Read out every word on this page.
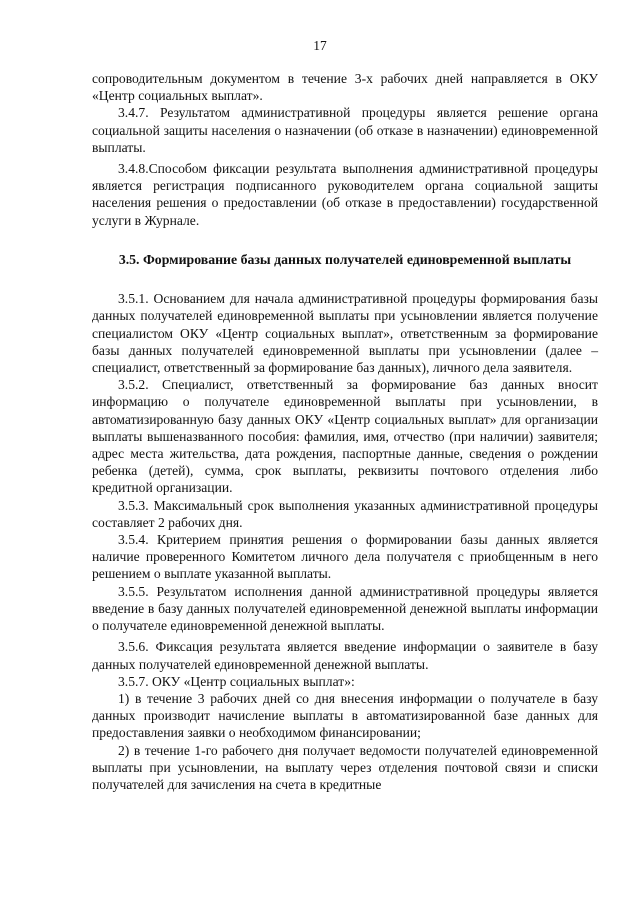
17

сопроводительным документом в течение 3-х рабочих дней направляется в ОКУ «Центр социальных выплат».

3.4.7. Результатом административной процедуры является решение органа социальной защиты населения о назначении (об отказе в назначении) единовременной выплаты.

3.4.8.Способом фиксации результата выполнения административной процедуры является регистрация подписанного руководителем органа социальной защиты населения решения о предоставлении (об отказе в предоставлении) государственной услуги в Журнале.

3.5. Формирование базы данных получателей единовременной выплаты

3.5.1. Основанием для начала административной процедуры формирования базы данных получателей единовременной выплаты при усыновлении является получение специалистом ОКУ «Центр социальных выплат», ответственным за формирование базы данных получателей единовременной выплаты при усыновлении (далее – специалист, ответственный за формирование баз данных), личного дела заявителя.

3.5.2. Специалист, ответственный за формирование баз данных вносит информацию о получателе единовременной выплаты при усыновлении, в автоматизированную базу данных ОКУ «Центр социальных выплат» для организации выплаты вышеназванного пособия: фамилия, имя, отчество (при наличии) заявителя; адрес места жительства, дата рождения, паспортные данные, сведения о рождении ребенка (детей), сумма, срок выплаты, реквизиты почтового отделения либо кредитной организации.

3.5.3. Максимальный срок выполнения указанных административной процедуры составляет 2 рабочих дня.

3.5.4. Критерием принятия решения о формировании базы данных является наличие проверенного Комитетом личного дела получателя с приобщенным в него решением о выплате указанной выплаты.

3.5.5. Результатом исполнения данной административной процедуры является введение в базу данных получателей единовременной денежной выплаты информации о получателе единовременной денежной выплаты.

3.5.6. Фиксация результата является введение информации о заявителе в базу данных получателей единовременной денежной выплаты.

3.5.7. ОКУ «Центр социальных выплат»:

1) в течение 3 рабочих дней со дня внесения информации о получателе в базу данных производит начисление выплаты в автоматизированной базе данных для предоставления заявки о необходимом финансировании;

2) в течение 1-го рабочего дня получает ведомости получателей единовременной выплаты при усыновлении, на выплату через отделения почтовой связи и списки получателей для зачисления на счета в кредитные
